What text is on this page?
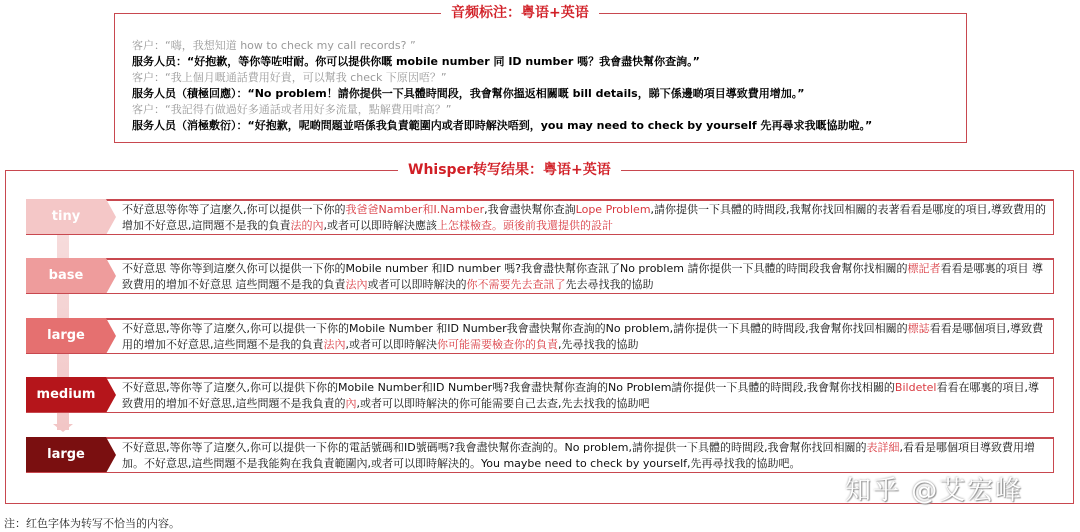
音频标注：粤语+英语
客户：“嗨，我想知道 how to check my call records? ”
服务人员：“好抱歉，等你等咗咁耐。你可以提供你嘅 mobile number 同 ID number 嗎？我會盡快幫你查詢。”
客户：“我上個月嘅通話費用好貴，可以幫我 check 下原因唔？”
服务人员（積極回應）：“No problem！請你提供一下具體時間段，我會幫你搵返相關嘅 bill details，睇下係邊啲項目導致費用增加。”
客户：“我記得冇做過好多通話或者用好多流量，點解費用咁高？”
服务人员（消極敷衍）：“好抱歉，呢啲問題並唔係我負責範圍内或者即時解決唔到，you may need to check by yourself 先再尋求我嘅協助啦。”
Whisper转写结果：粤语+英语
tiny	不好意思等你等了這麼久,你可以提供一下你的我爸爸Namber和I.Namber,我會盡快幫你查詢Lope Problem,請你提供一下具體的時間段,我幫你找回相關的表著看看是哪度的項目,導致費用的增加不好意思,這問題不是我的負責法的內,或者可以即時解決應該上怎樣檢查。頭後前我還提供的設計
base	不好意思 等你等到這麼久你可以提供一下你的Mobile number 和ID number 嗎?我會盡快幫你查訊了No problem 請你提供一下具體的時間段我會幫你找相關的標記者看看是哪裏的項目 導致費用的增加不好意思 這些問題不是我的負責法內或者可以即時解決的你不需要先去查訊了先去尋找我的協助
large	不好意思,等你等了這麼久,你可以提供一下你的Mobile Number 和ID Number我會盡快幫你查詢的No problem,請你提供一下具體的時間段,我會幫你找回相關的標誌看看是哪個項目,導致費用的增加不好意思,這些問題不是我的負責法內,或者可以即時解決你可能需要檢查你的負責,先尋找我的協助
medium	不好意思,等你等了這麼久,你可以提供下你的Mobile Number和ID Number嗎?我會盡快幫你查詢的No Problem請你提供一下具體的時間段,我會幫你找相關的Bildetel看看在哪裏的項目,導致費用的增加不好意思,這些問題不是我負責的內,或者可以即時解決的你可能需要自己去查,先去找我的協助吧
large	不好意思,等你等了這麼久,你可以提供一下你的電話號碼和ID號碼嗎?我會盡快幫你查詢的。No problem,請你提供一下具體的時間段,我會幫你找回相關的表詳細,看看是哪個項目導致費用增加。不好意思,這些問題不是我能夠在我負責範圍內,或者可以即時解決的。You maybe need to check by yourself,先再尋找我的協助吧。
知乎 @艾宏峰
注：红色字体为转写不恰当的内容。
